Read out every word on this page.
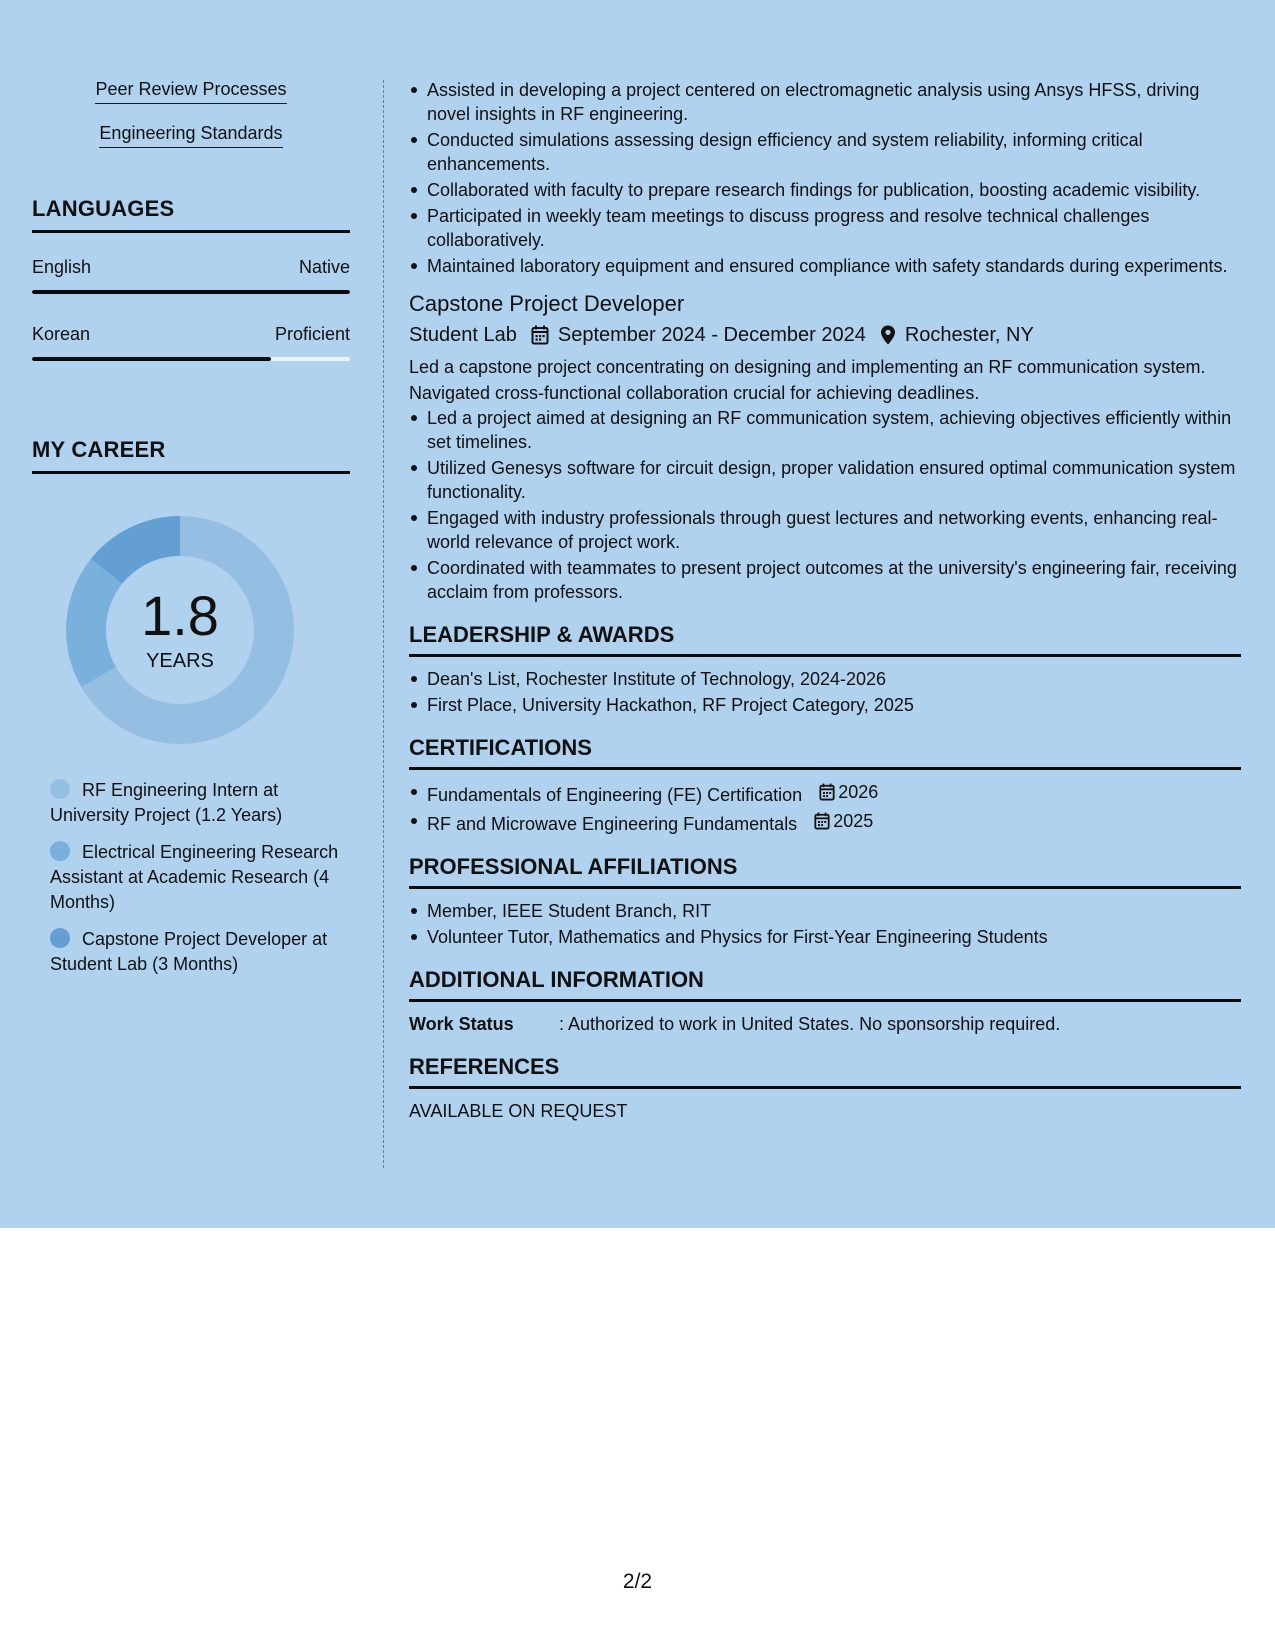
Peer Review Processes
Engineering Standards
LANGUAGES
English	Native
Korean	Proficient
MY CAREER
1.8
YEARS
RF Engineering Intern at University Project (1.2 Years)
Electrical Engineering Research Assistant at Academic Research (4 Months)
Capstone Project Developer at Student Lab (3 Months)
Assisted in developing a project centered on electromagnetic analysis using Ansys HFSS, driving novel insights in RF engineering.
Conducted simulations assessing design efficiency and system reliability, informing critical enhancements.
Collaborated with faculty to prepare research findings for publication, boosting academic visibility.
Participated in weekly team meetings to discuss progress and resolve technical challenges collaboratively.
Maintained laboratory equipment and ensured compliance with safety standards during experiments.
Capstone Project Developer
Student Lab September 2024 - December 2024 Rochester, NY
Led a capstone project concentrating on designing and implementing an RF communication system. Navigated cross-functional collaboration crucial for achieving deadlines.
Led a project aimed at designing an RF communication system, achieving objectives efficiently within set timelines.
Utilized Genesys software for circuit design, proper validation ensured optimal communication system functionality.
Engaged with industry professionals through guest lectures and networking events, enhancing real-world relevance of project work.
Coordinated with teammates to present project outcomes at the university's engineering fair, receiving acclaim from professors.
LEADERSHIP & AWARDS
Dean's List, Rochester Institute of Technology, 2024-2026
First Place, University Hackathon, RF Project Category, 2025
CERTIFICATIONS
Fundamentals of Engineering (FE) Certification 2026
RF and Microwave Engineering Fundamentals 2025
PROFESSIONAL AFFILIATIONS
Member, IEEE Student Branch, RIT
Volunteer Tutor, Mathematics and Physics for First-Year Engineering Students
ADDITIONAL INFORMATION
Work Status	: Authorized to work in United States. No sponsorship required.
REFERENCES
AVAILABLE ON REQUEST
2/2
